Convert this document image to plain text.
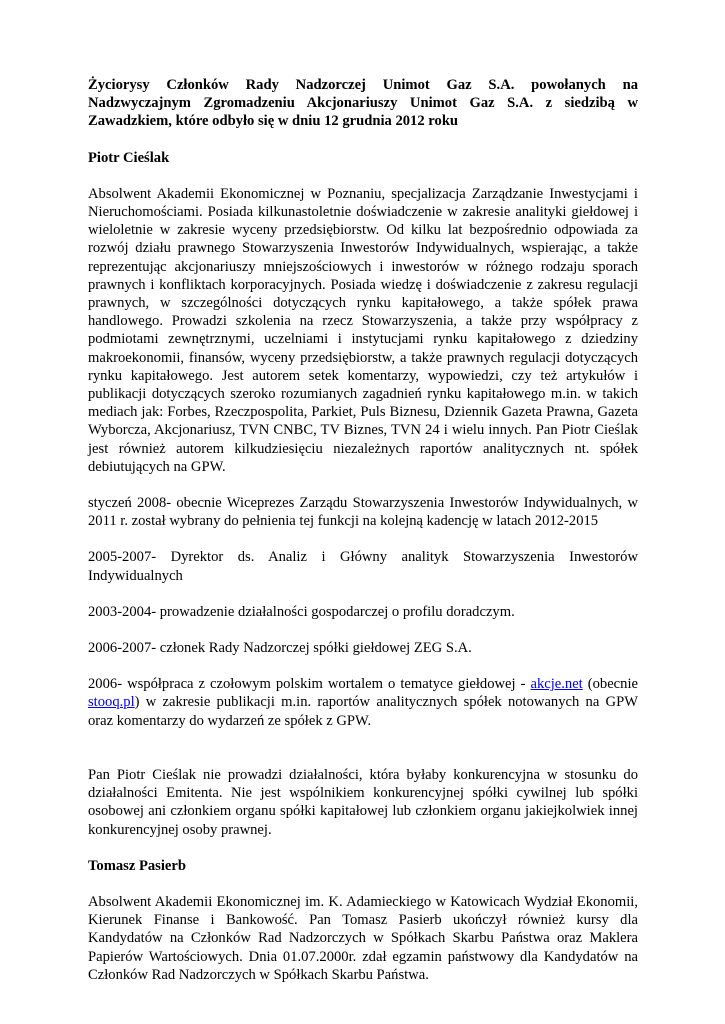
Życiorysy Członków Rady Nadzorczej Unimot Gaz S.A. powołanych na Nadzwyczajnym Zgromadzeniu Akcjonariuszy Unimot Gaz S.A. z siedzibą w Zawadzkiem, które odbyło się w dniu 12 grudnia 2012 roku

Piotr Cieślak

Absolwent Akademii Ekonomicznej w Poznaniu, specjalizacja Zarządzanie Inwestycjami i Nieruchomościami. Posiada kilkunastoletnie doświadczenie w zakresie analityki giełdowej i wieloletnie w zakresie wyceny przedsiębiorstw. Od kilku lat bezpośrednio odpowiada za rozwój działu prawnego Stowarzyszenia Inwestorów Indywidualnych, wspierając, a także reprezentując akcjonariuszy mniejszościowych i inwestorów w różnego rodzaju sporach prawnych i konfliktach korporacyjnych. Posiada wiedzę i doświadczenie z zakresu regulacji prawnych, w szczególności dotyczących rynku kapitałowego, a także spółek prawa handlowego. Prowadzi szkolenia na rzecz Stowarzyszenia, a także przy współpracy z podmiotami zewnętrznymi, uczelniami i instytucjami rynku kapitałowego z dziedziny makroekonomii, finansów, wyceny przedsiębiorstw, a także prawnych regulacji dotyczących rynku kapitałowego. Jest autorem setek komentarzy, wypowiedzi, czy też artykułów i publikacji dotyczących szeroko rozumianych zagadnień rynku kapitałowego m.in. w takich mediach jak: Forbes, Rzeczpospolita, Parkiet, Puls Biznesu, Dziennik Gazeta Prawna, Gazeta Wyborcza, Akcjonariusz, TVN CNBC, TV Biznes, TVN 24 i wielu innych. Pan Piotr Cieślak jest również autorem kilkudziesięciu niezależnych raportów analitycznych nt. spółek debiutujących na GPW.

styczeń 2008- obecnie Wiceprezes Zarządu Stowarzyszenia Inwestorów Indywidualnych, w 2011 r. został wybrany do pełnienia tej funkcji na kolejną kadencję w latach 2012-2015

2005-2007- Dyrektor ds. Analiz i Główny analityk Stowarzyszenia Inwestorów Indywidualnych

2003-2004- prowadzenie działalności gospodarczej o profilu doradczym.

2006-2007- członek Rady Nadzorczej spółki giełdowej ZEG S.A.

2006- współpraca z czołowym polskim wortalem o tematyce giełdowej - akcje.net (obecnie stooq.pl) w zakresie publikacji m.in. raportów analitycznych spółek notowanych na GPW oraz komentarzy do wydarzeń ze spółek z GPW.

Pan Piotr Cieślak nie prowadzi działalności, która byłaby konkurencyjna w stosunku do działalności Emitenta. Nie jest wspólnikiem konkurencyjnej spółki cywilnej lub spółki osobowej ani członkiem organu spółki kapitałowej lub członkiem organu jakiejkolwiek innej konkurencyjnej osoby prawnej.

Tomasz Pasierb

Absolwent Akademii Ekonomicznej im. K. Adamieckiego w Katowicach Wydział Ekonomii, Kierunek Finanse i Bankowość. Pan Tomasz Pasierb ukończył również kursy dla Kandydatów na Członków Rad Nadzorczych w Spółkach Skarbu Państwa oraz Maklera Papierów Wartościowych. Dnia 01.07.2000r. zdał egzamin państwowy dla Kandydatów na Członków Rad Nadzorczych w Spółkach Skarbu Państwa.
